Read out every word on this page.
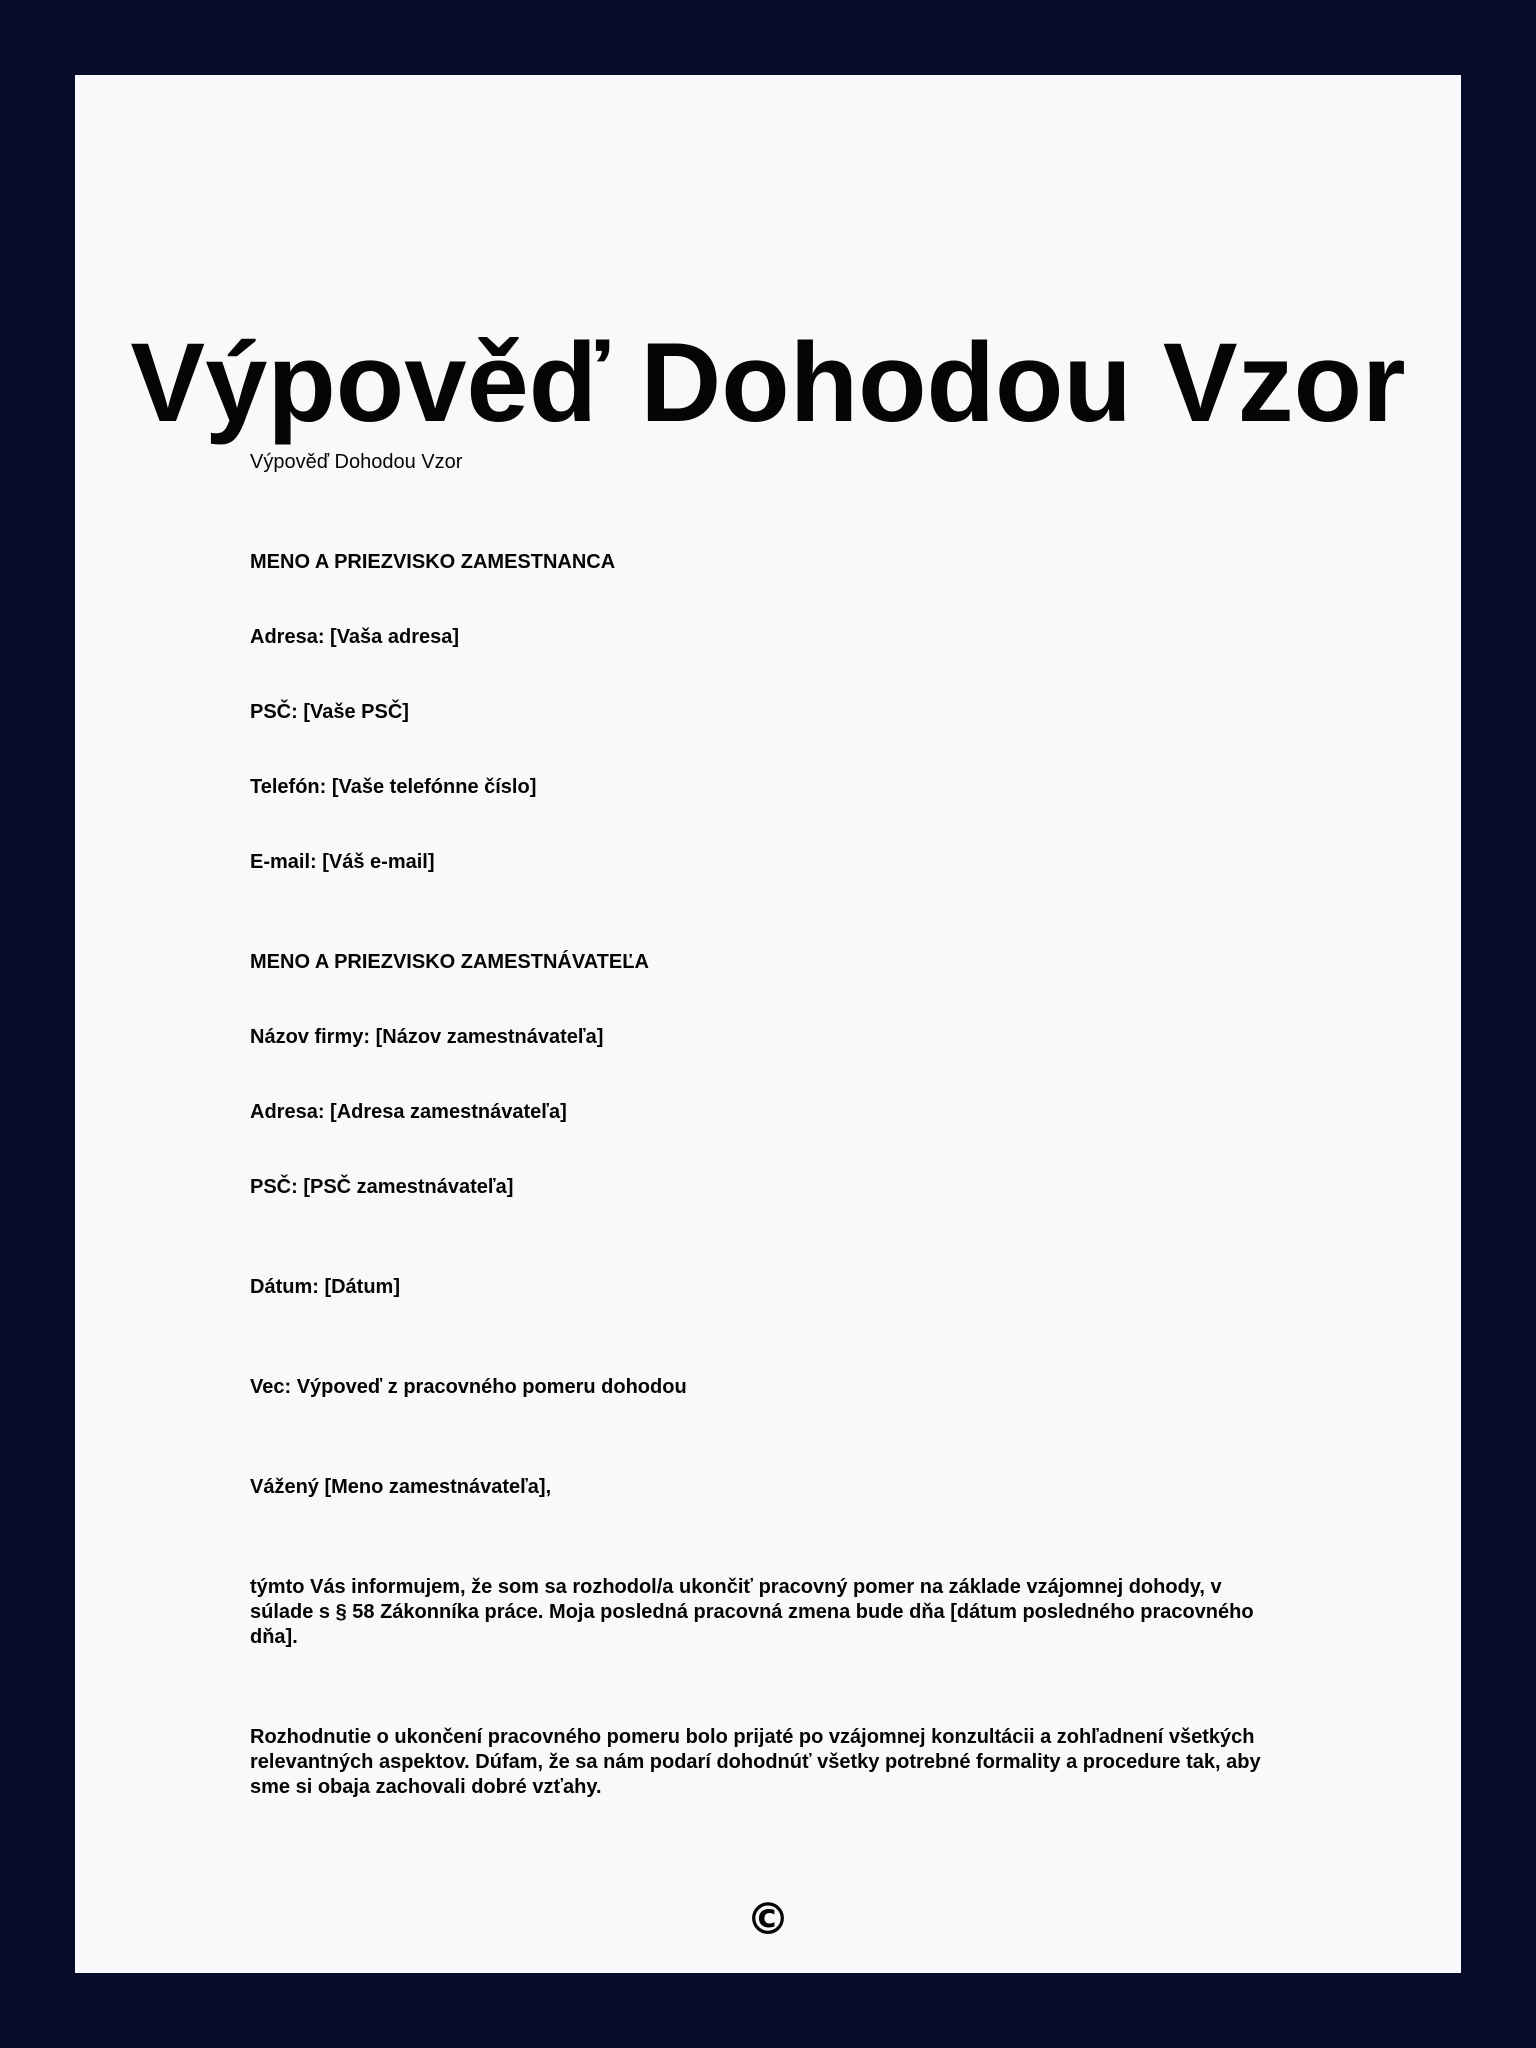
Výpověď Dohodou Vzor

Výpověď Dohodou Vzor

MENO A PRIEZVISKO ZAMESTNANCA

Adresa: [Vaša adresa]

PSČ: [Vaše PSČ]

Telefón: [Vaše telefónne číslo]

E-mail: [Váš e-mail]

MENO A PRIEZVISKO ZAMESTNÁVATEĽA

Názov firmy: [Názov zamestnávateľa]

Adresa: [Adresa zamestnávateľa]

PSČ: [PSČ zamestnávateľa]

Dátum: [Dátum]

Vec: Výpoveď z pracovného pomeru dohodou

Vážený [Meno zamestnávateľa],

týmto Vás informujem, že som sa rozhodol/a ukončiť pracovný pomer na základe vzájomnej dohody, v súlade s § 58 Zákonníka práce. Moja posledná pracovná zmena bude dňa [dátum posledného pracovného dňa].

Rozhodnutie o ukončení pracovného pomeru bolo prijaté po vzájomnej konzultácii a zohľadnení všetkých relevantných aspektov. Dúfam, že sa nám podarí dohodnúť všetky potrebné formality a procedure tak, aby sme si obaja zachovali dobré vzťahy.

©
